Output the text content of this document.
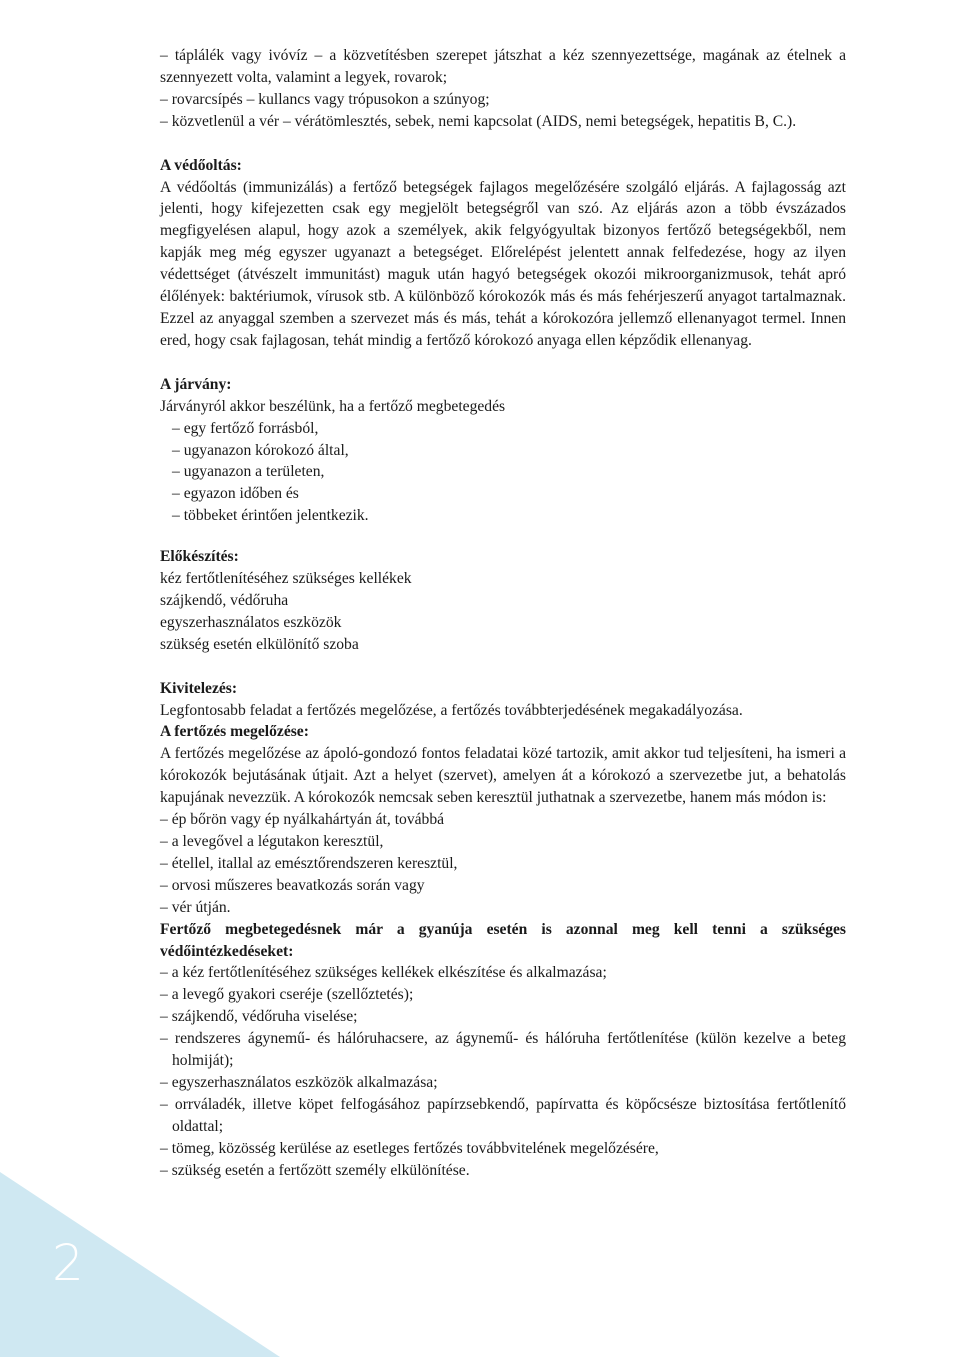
2

– táplálék vagy ivóvíz – a közvetítésben szerepet játszhat a kéz szennyezettsége, magának az ételnek a szennyezett volta, valamint a legyek, rovarok;

– rovarcsípés – kullancs vagy trópusokon a szúnyog;

– közvetlenül a vér – vérátömlesztés, sebek, nemi kapcsolat (AIDS, nemi betegségek, hepatitis B, C.).

A védőoltás:

A védőoltás (immunizálás) a fertőző betegségek fajlagos megelőzésére szolgáló eljárás. A fajlagosság azt jelenti, hogy kifejezetten csak egy megjelölt betegségről van szó. Az eljárás azon a több évszázados megfigyelésen alapul, hogy azok a személyek, akik felgyógyultak bizonyos fertőző betegségekből, nem kapják meg még egyszer ugyanazt a betegséget. Előrelépést jelentett annak felfedezése, hogy az ilyen védettséget (átvészelt immunitást) maguk után hagyó betegségek okozói mikroorganizmusok, tehát apró élőlények: baktériumok, vírusok stb. A különböző kórokozók más és más fehérjeszerű anyagot tartalmaznak. Ezzel az anyaggal szemben a szervezet más és más, tehát a kórokozóra jellemző ellenanyagot termel. Innen ered, hogy csak fajlagosan, tehát mindig a fertőző kórokozó anyaga ellen képződik ellenanyag.

A járvány:

Járványról akkor beszélünk, ha a fertőző megbetegedés

– egy fertőző forrásból,

– ugyanazon kórokozó által,

– ugyanazon a területen,

– egyazon időben és

– többeket érintően jelentkezik.

Előkészítés:

kéz fertőtlenítéséhez szükséges kellékek

szájkendő, védőruha

egyszerhasználatos eszközök

szükség esetén elkülönítő szoba

Kivitelezés:

Legfontosabb feladat a fertőzés megelőzése, a fertőzés továbbterjedésének megakadályozása.

A fertőzés megelőzése:

A fertőzés megelőzése az ápoló-gondozó fontos feladatai közé tartozik, amit akkor tud teljesíteni, ha ismeri a kórokozók bejutásának útjait. Azt a helyet (szervet), amelyen át a kórokozó a szervezetbe jut, a behatolás kapujának nevezzük. A kórokozók nemcsak seben keresztül juthatnak a szervezetbe, hanem más módon is:

– ép bőrön vagy ép nyálkahártyán át, továbbá

– a levegővel a légutakon keresztül,

– étellel, itallal az emésztőrendszeren keresztül,

– orvosi műszeres beavatkozás során vagy

– vér útján.

Fertőző megbetegedésnek már a gyanúja esetén is azonnal meg kell tenni a szükséges védőintézkedéseket:

– a kéz fertőtlenítéséhez szükséges kellékek elkészítése és alkalmazása;

– a levegő gyakori cseréje (szellőztetés);

– szájkendő, védőruha viselése;

– rendszeres ágynemű- és hálóruhacsere, az ágynemű- és hálóruha fertőtlenítése (külön kezelve a beteg holmiját);

– egyszerhasználatos eszközök alkalmazása;

– orrváladék, illetve köpet felfogásához papírzsebkendő, papírvatta és köpőcsésze biztosítása fertőtlenítő oldattal;

– tömeg, közösség kerülése az esetleges fertőzés továbbvitelének megelőzésére,

– szükség esetén a fertőzött személy elkülönítése.
